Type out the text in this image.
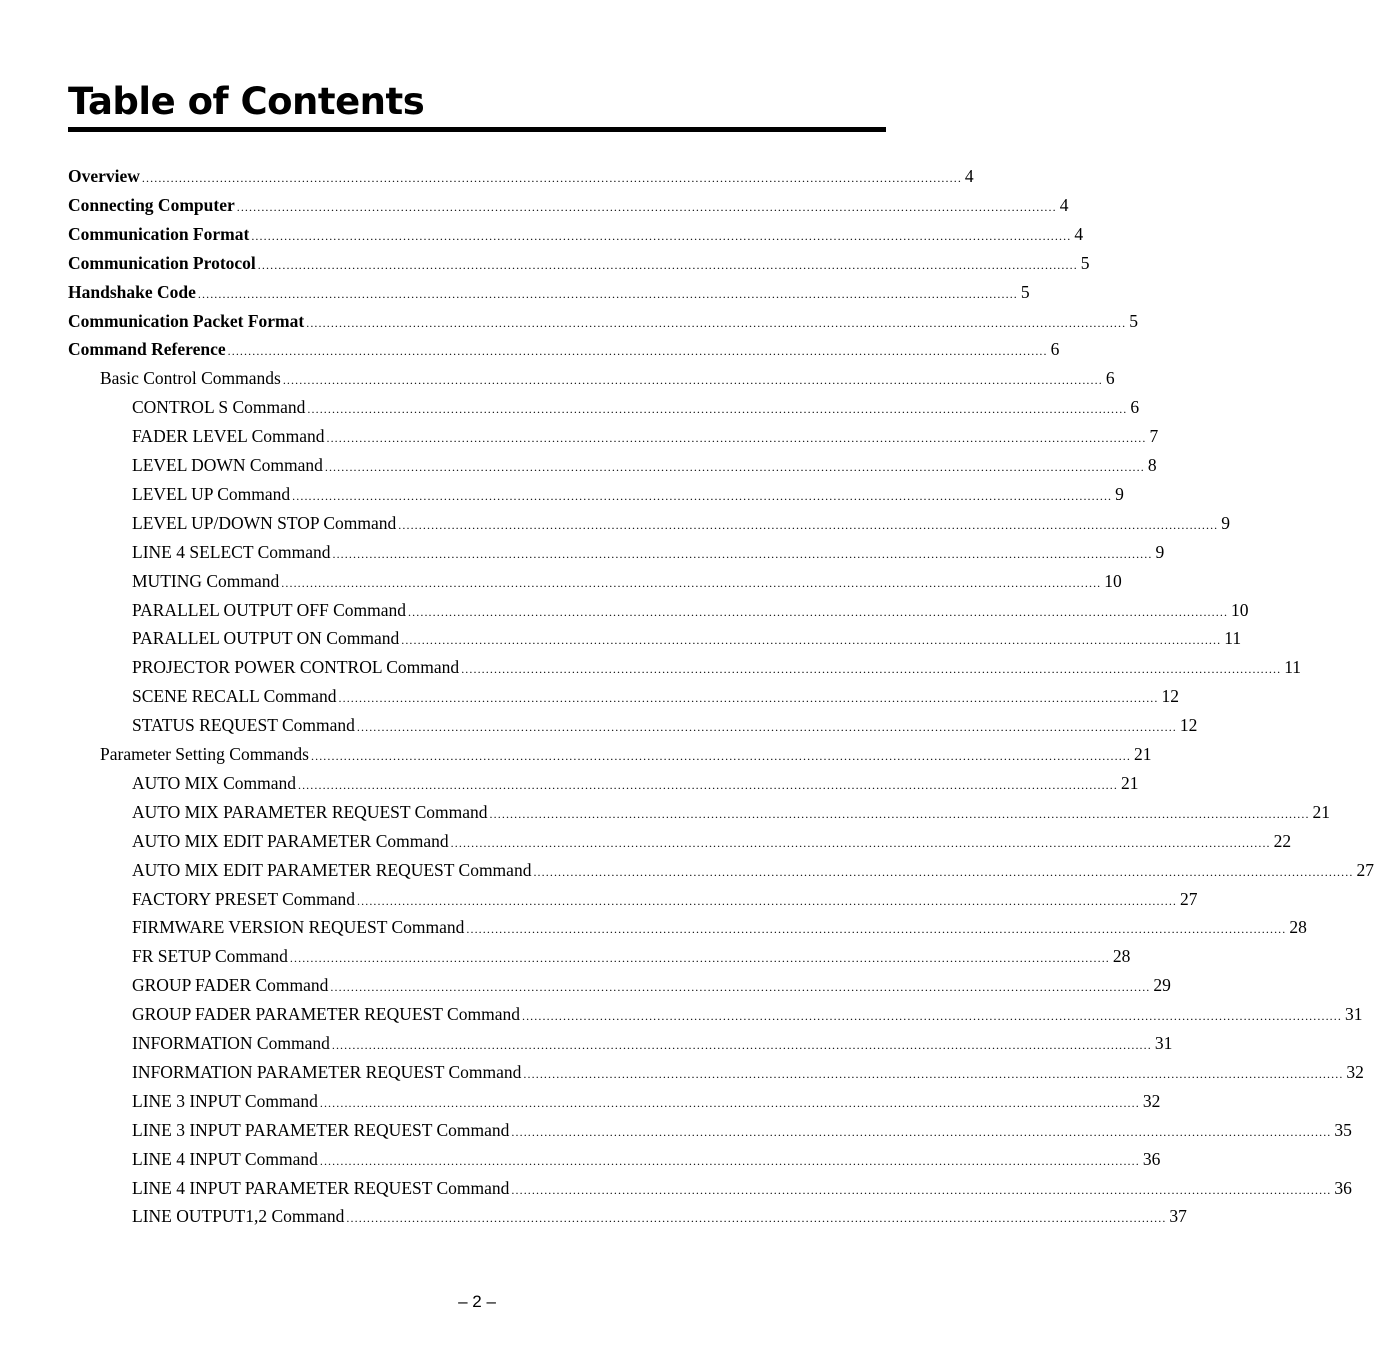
Table of Contents
Overview ........................................................................................................................................................................................................ 4
Connecting Computer ........................................................................................................................................................................................................ 4
Communication Format ........................................................................................................................................................................................................ 4
Communication Protocol ........................................................................................................................................................................................................ 5
Handshake Code ........................................................................................................................................................................................................ 5
Communication Packet Format ........................................................................................................................................................................................................ 5
Command Reference ........................................................................................................................................................................................................ 6
Basic Control Commands ........................................................................................................................................................................................................ 6
CONTROL S Command ........................................................................................................................................................................................................ 6
FADER LEVEL Command ........................................................................................................................................................................................................ 7
LEVEL DOWN Command ........................................................................................................................................................................................................ 8
LEVEL UP Command ........................................................................................................................................................................................................ 9
LEVEL UP/DOWN STOP Command ........................................................................................................................................................................................................ 9
LINE 4 SELECT Command ........................................................................................................................................................................................................ 9
MUTING Command ........................................................................................................................................................................................................ 10
PARALLEL OUTPUT OFF Command ........................................................................................................................................................................................................ 10
PARALLEL OUTPUT ON Command ........................................................................................................................................................................................................ 11
PROJECTOR POWER CONTROL Command ........................................................................................................................................................................................................ 11
SCENE RECALL Command ........................................................................................................................................................................................................ 12
STATUS REQUEST Command ........................................................................................................................................................................................................ 12
Parameter Setting Commands ........................................................................................................................................................................................................ 21
AUTO MIX Command ........................................................................................................................................................................................................ 21
AUTO MIX PARAMETER REQUEST Command ........................................................................................................................................................................................................ 21
AUTO MIX EDIT PARAMETER Command ........................................................................................................................................................................................................ 22
AUTO MIX EDIT PARAMETER REQUEST Command ........................................................................................................................................................................................................ 27
FACTORY PRESET Command ........................................................................................................................................................................................................ 27
FIRMWARE VERSION REQUEST Command ........................................................................................................................................................................................................ 28
FR SETUP Command ........................................................................................................................................................................................................ 28
GROUP FADER Command ........................................................................................................................................................................................................ 29
GROUP FADER PARAMETER REQUEST Command ........................................................................................................................................................................................................ 31
INFORMATION Command ........................................................................................................................................................................................................ 31
INFORMATION PARAMETER REQUEST Command ........................................................................................................................................................................................................ 32
LINE 3 INPUT Command ........................................................................................................................................................................................................ 32
LINE 3 INPUT PARAMETER REQUEST Command ........................................................................................................................................................................................................ 35
LINE 4 INPUT Command ........................................................................................................................................................................................................ 36
LINE 4 INPUT PARAMETER REQUEST Command ........................................................................................................................................................................................................ 36
LINE OUTPUT1,2 Command ........................................................................................................................................................................................................ 37
– 2 –
